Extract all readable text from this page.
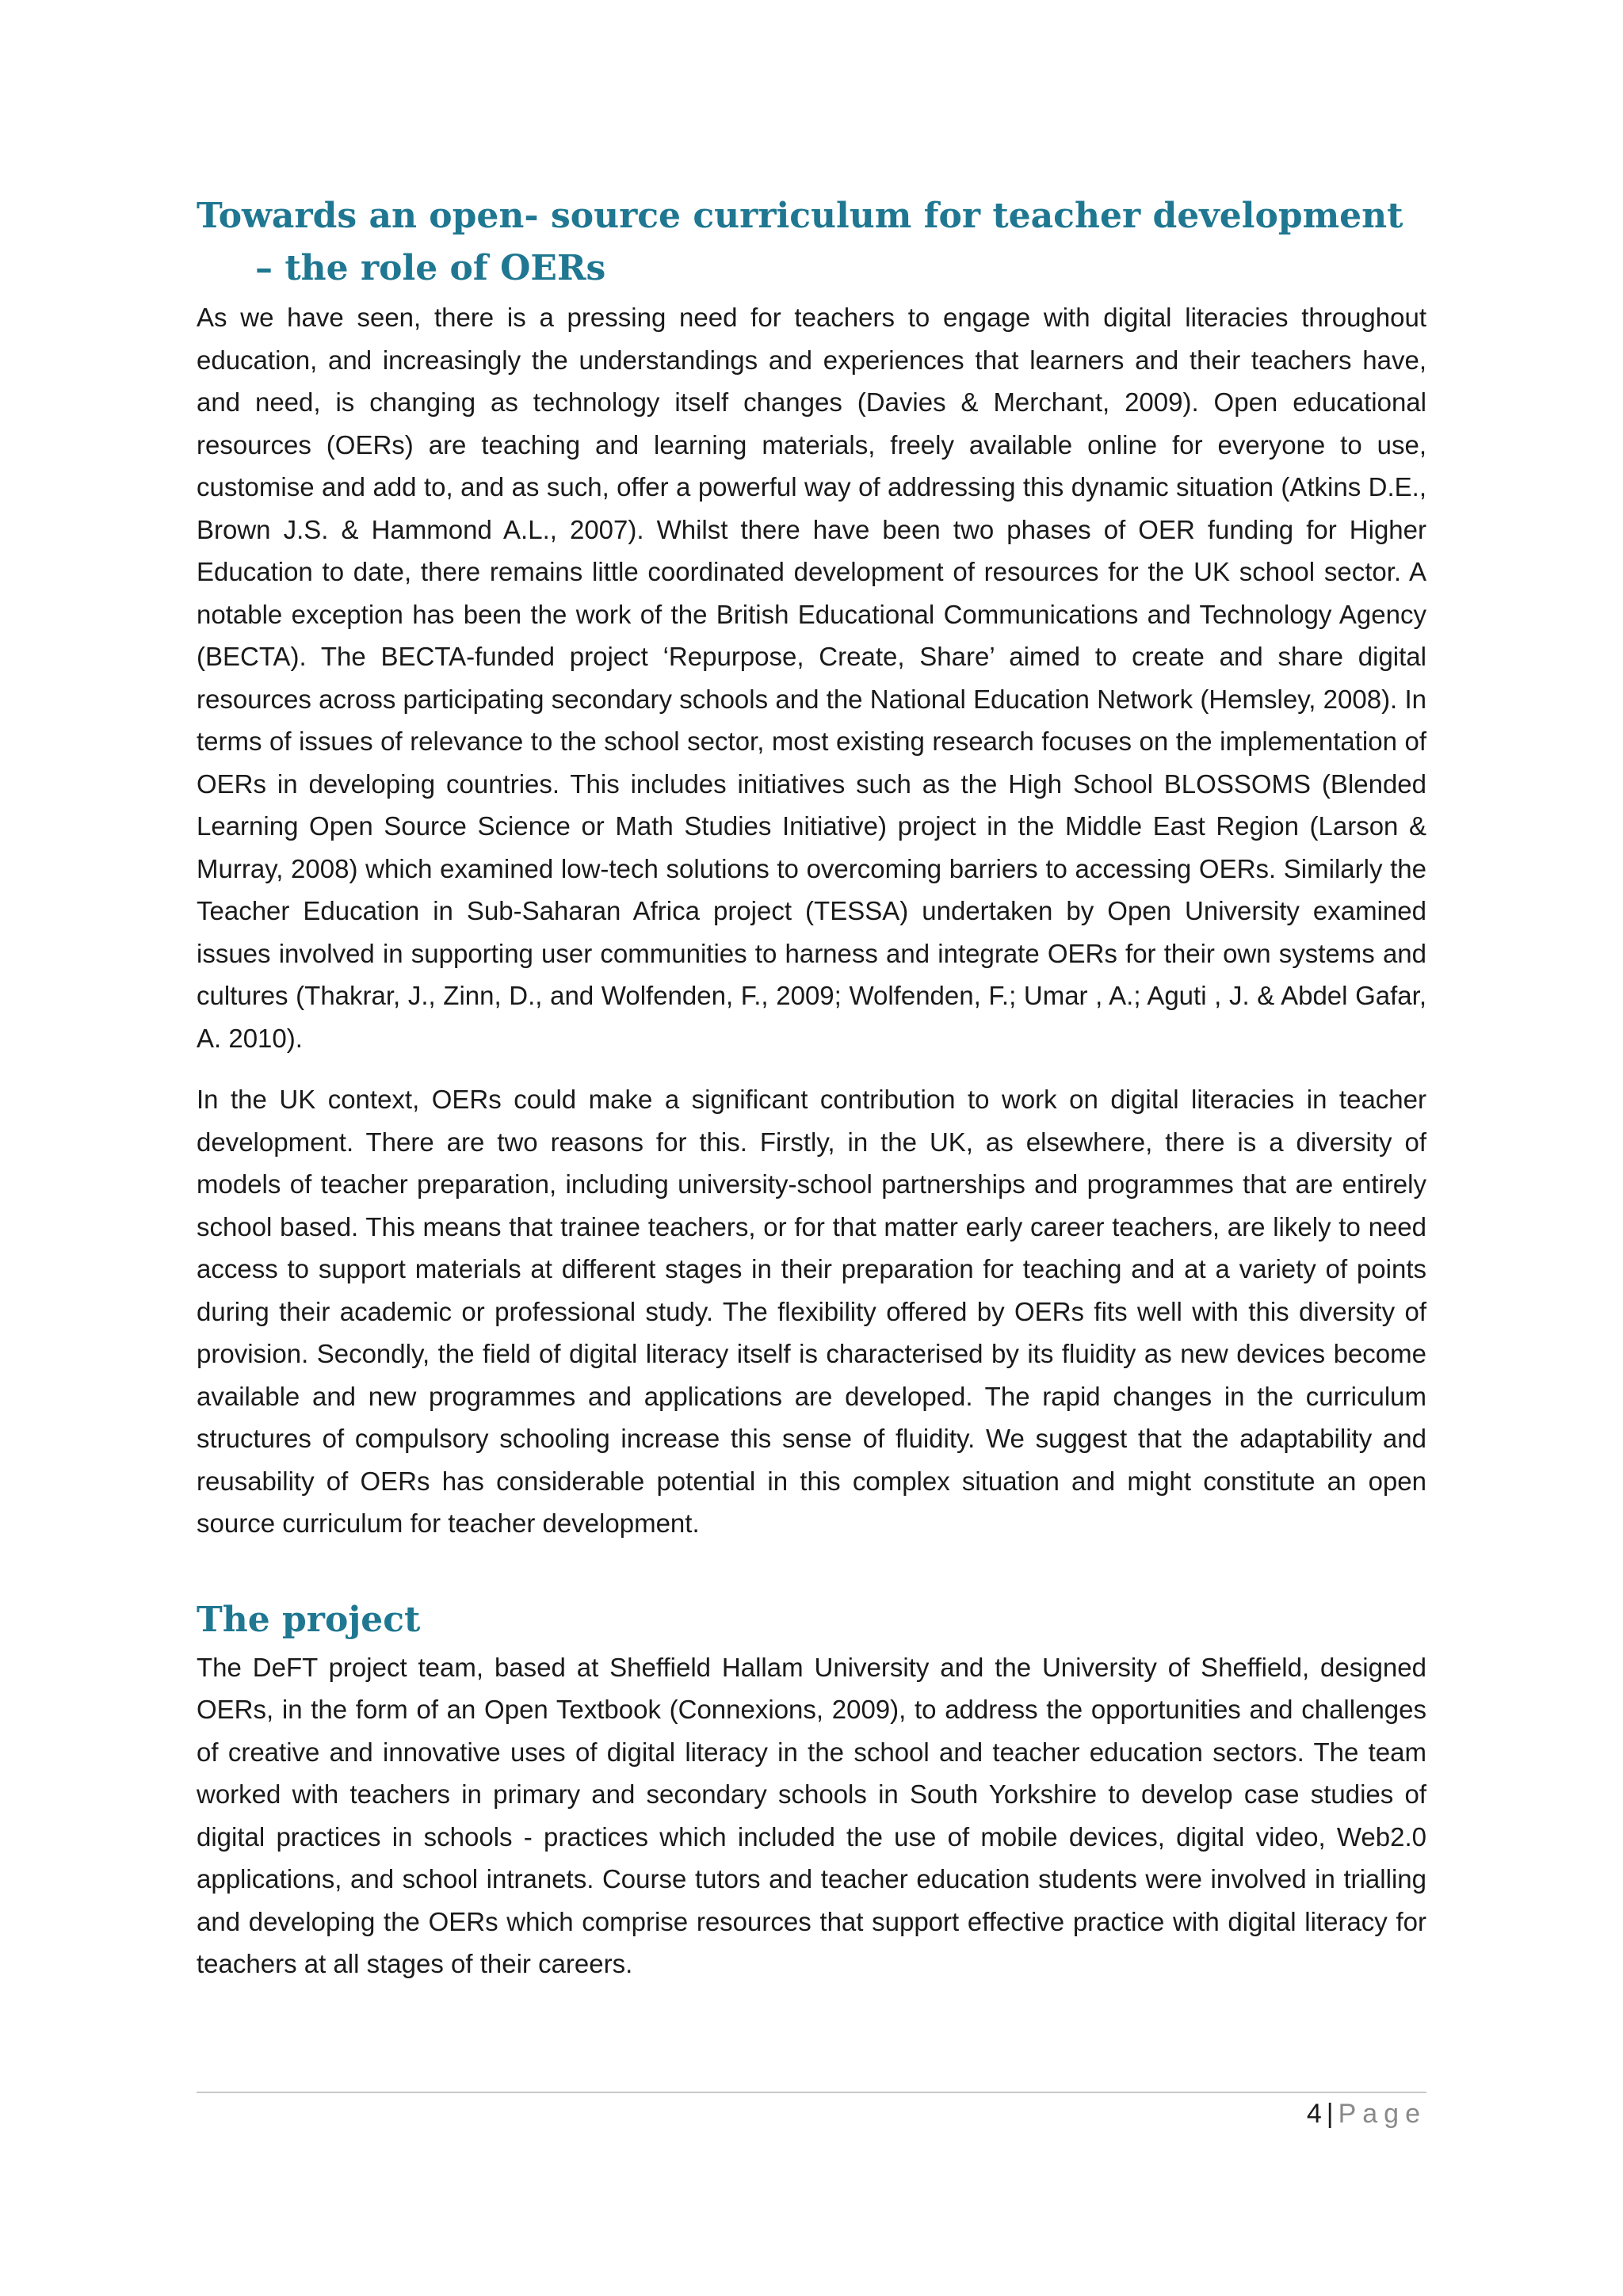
Towards an open- source curriculum for teacher development – the role of OERs

As we have seen, there is a pressing need for teachers to engage with digital literacies throughout education, and increasingly the understandings and experiences that learners and their teachers have, and need, is changing as technology itself changes (Davies & Merchant, 2009). Open educational resources (OERs) are teaching and learning materials, freely available online for everyone to use, customise and add to, and as such, offer a powerful way of addressing this dynamic situation (Atkins D.E., Brown J.S. & Hammond A.L., 2007). Whilst there have been two phases of OER funding for Higher Education to date, there remains little coordinated development of resources for the UK school sector. A notable exception has been the work of the British Educational Communications and Technology Agency (BECTA). The BECTA-funded project ‘Repurpose, Create, Share’ aimed to create and share digital resources across participating secondary schools and the National Education Network (Hemsley, 2008). In terms of issues of relevance to the school sector, most existing research focuses on the implementation of OERs in developing countries. This includes initiatives such as the High School BLOSSOMS (Blended Learning Open Source Science or Math Studies Initiative) project in the Middle East Region (Larson & Murray, 2008) which examined low-tech solutions to overcoming barriers to accessing OERs. Similarly the Teacher Education in Sub-Saharan Africa project (TESSA) undertaken by Open University examined issues involved in supporting user communities to harness and integrate OERs for their own systems and cultures (Thakrar, J., Zinn, D., and Wolfenden, F., 2009; Wolfenden, F.; Umar , A.; Aguti , J. & Abdel Gafar, A. 2010).

In the UK context, OERs could make a significant contribution to work on digital literacies in teacher development. There are two reasons for this. Firstly, in the UK, as elsewhere, there is a diversity of models of teacher preparation, including university-school partnerships and programmes that are entirely school based. This means that trainee teachers, or for that matter early career teachers, are likely to need access to support materials at different stages in their preparation for teaching and at a variety of points during their academic or professional study. The flexibility offered by OERs fits well with this diversity of provision. Secondly, the field of digital literacy itself is characterised by its fluidity as new devices become available and new programmes and applications are developed. The rapid changes in the curriculum structures of compulsory schooling increase this sense of fluidity. We suggest that the adaptability and reusability of OERs has considerable potential in this complex situation and might constitute an open source curriculum for teacher development.

The project

The DeFT project team, based at Sheffield Hallam University and the University of Sheffield, designed OERs, in the form of an Open Textbook (Connexions, 2009), to address the opportunities and challenges of creative and innovative uses of digital literacy in the school and teacher education sectors. The team worked with teachers in primary and secondary schools in South Yorkshire to develop case studies of digital practices in schools - practices which included the use of mobile devices, digital video, Web2.0 applications, and school intranets. Course tutors and teacher education students were involved in trialling and developing the OERs which comprise resources that support effective practice with digital literacy for teachers at all stages of their careers.

4 | Page
